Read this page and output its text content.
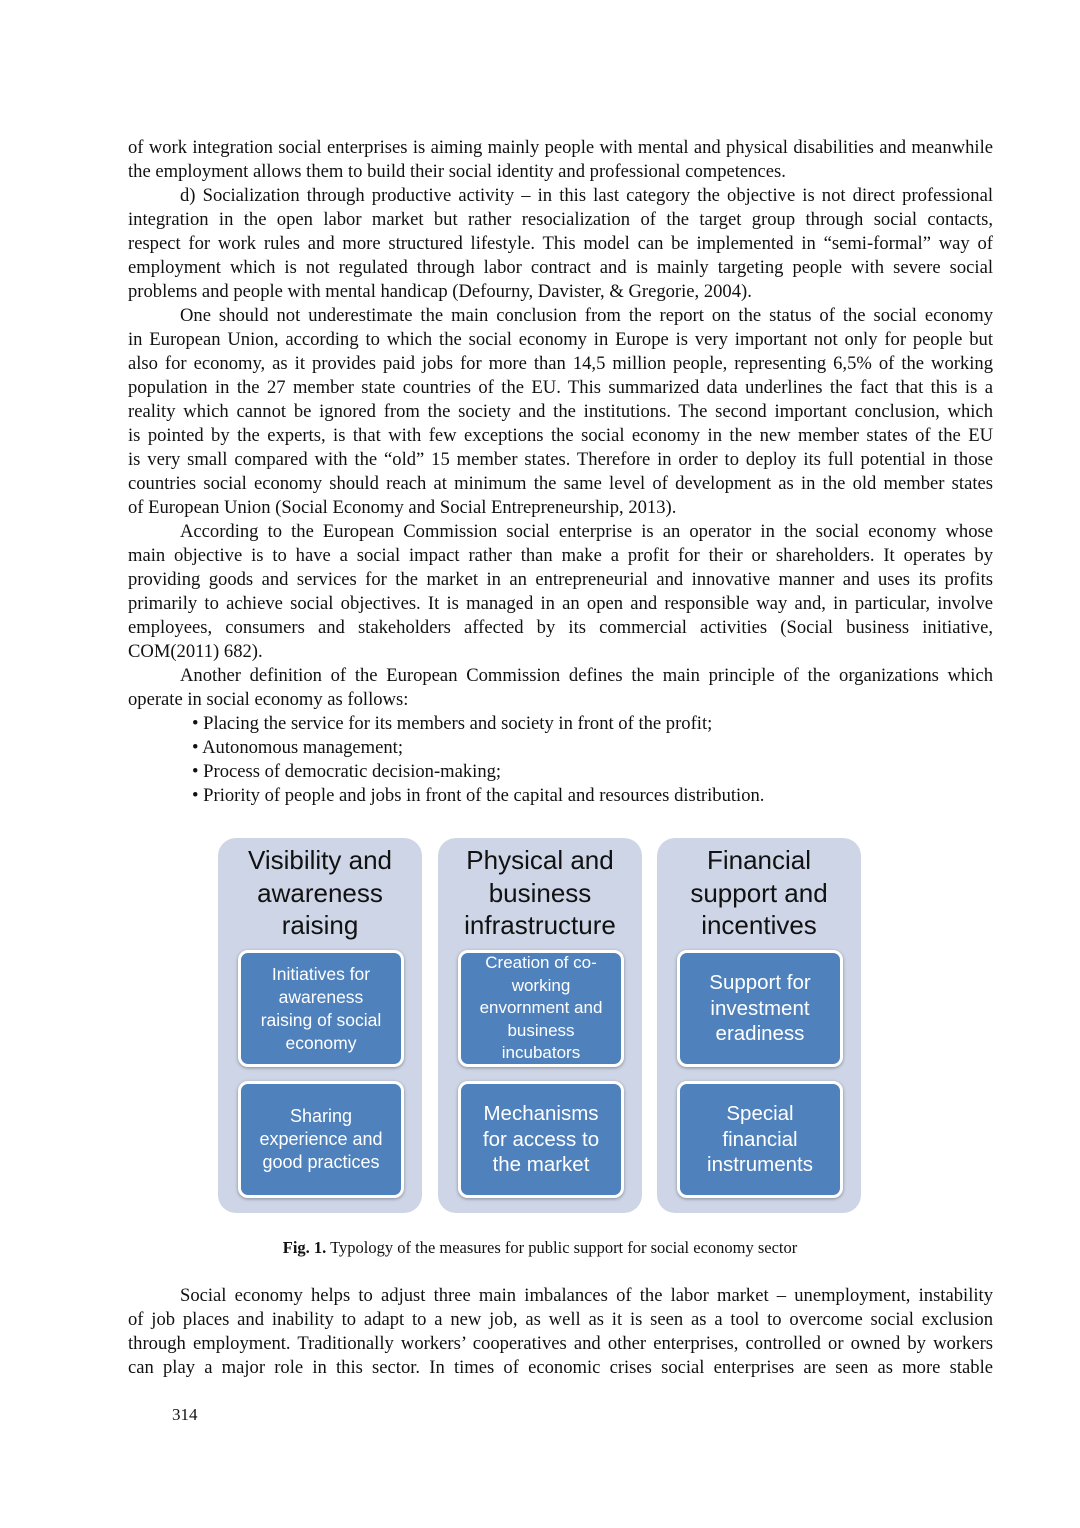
of work integration social enterprises is aiming mainly people with mental and physical disabilities and meanwhile
the employment allows them to build their social identity and professional competences.
d) Socialization through productive activity – in this last category the objective is not direct professional
integration in the open labor market but rather resocialization of the target group through social contacts,
respect for work rules and more structured lifestyle. This model can be implemented in “semi-formal” way of
employment which is not regulated through labor contract and is mainly targeting people with severe social
problems and people with mental handicap (Defourny, Davister, & Gregorie, 2004).
One should not underestimate the main conclusion from the report on the status of the social economy
in European Union, according to which the social economy in Europe is very important not only for people but
also for economy, as it provides paid jobs for more than 14,5 million people, representing 6,5% of the working
population in the 27 member state countries of the EU. This summarized data underlines the fact that this is a
reality which cannot be ignored from the society and the institutions. The second important conclusion, which
is pointed by the experts, is that with few exceptions the social economy in the new member states of the EU
is very small compared with the “old” 15 member states. Therefore in order to deploy its full potential in those
countries social economy should reach at minimum the same level of development as in the old member states
of European Union (Social Economy and Social Entrepreneurship, 2013).
According to the European Commission social enterprise is an operator in the social economy whose
main objective is to have a social impact rather than make a profit for their or shareholders. It operates by
providing goods and services for the market in an entrepreneurial and innovative manner and uses its profits
primarily to achieve social objectives. It is managed in an open and responsible way and, in particular, involve
employees, consumers and stakeholders affected by its commercial activities (Social business initiative,
COM(2011) 682).
Another definition of the European Commission defines the main principle of the organizations which
operate in social economy as follows:
• Placing the service for its members and society in front of the profit;
• Autonomous management;
• Process of democratic decision-making;
• Priority of people and jobs in front of the capital and resources distribution.
Visibility and
awareness
raising
Initiatives for
awareness
raising of social
economy
Sharing
experience and
good practices
Physical and
business
infrastructure
Creation of co-
working
envornment and
business
incubators
Mechanisms
for access to
the market
Financial
support and
incentives
Support for
investment
eradiness
Special
financial
instruments
Fig. 1. Typology of the measures for public support for social economy sector
Social economy helps to adjust three main imbalances of the labor market – unemployment, instability
of job places and inability to adapt to a new job, as well as it is seen as a tool to overcome social exclusion
through employment. Traditionally workers’ cooperatives and other enterprises, controlled or owned by workers
can play a major role in this sector. In times of economic crises social enterprises are seen as more stable
314
